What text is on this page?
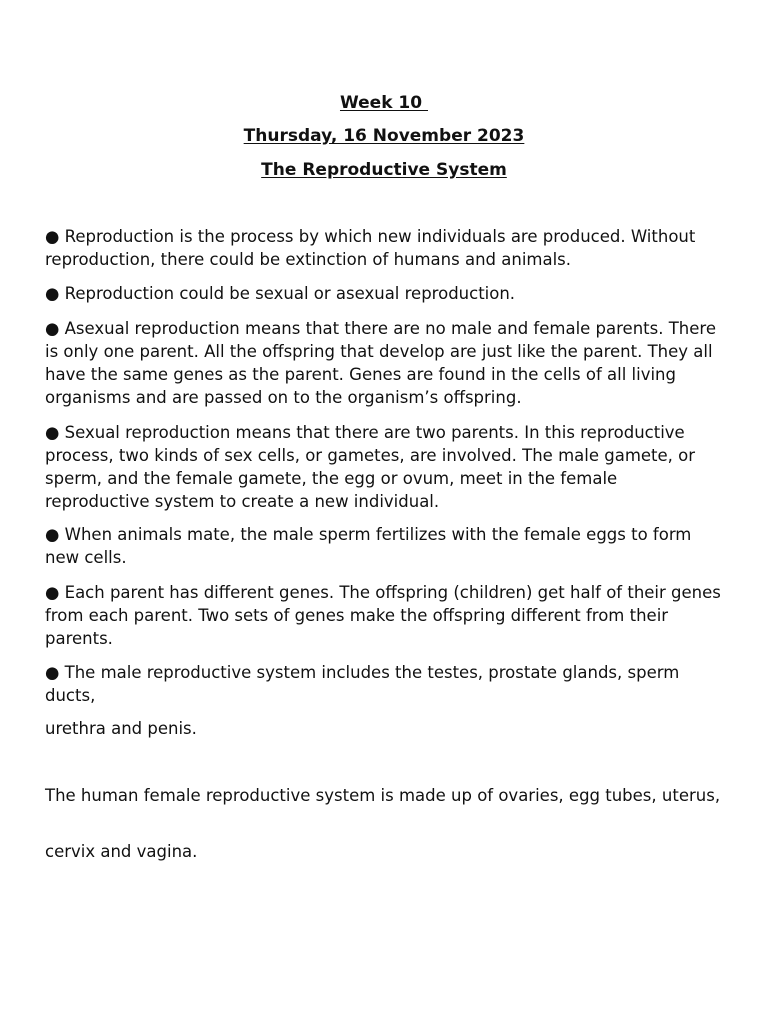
Week 10
Thursday, 16 November 2023
The Reproductive System

● Reproduction is the process by which new individuals are produced. Without reproduction, there could be extinction of humans and animals.

● Reproduction could be sexual or asexual reproduction.

● Asexual reproduction means that there are no male and female parents. There is only one parent. All the offspring that develop are just like the parent. They all have the same genes as the parent. Genes are found in the cells of all living organisms and are passed on to the organism’s offspring.

● Sexual reproduction means that there are two parents. In this reproductive process, two kinds of sex cells, or gametes, are involved. The male gamete, or sperm, and the female gamete, the egg or ovum, meet in the female reproductive system to create a new individual.

● When animals mate, the male sperm fertilizes with the female eggs to form new cells.

● Each parent has different genes. The offspring (children) get half of their genes from each parent. Two sets of genes make the offspring different from their parents.

● The male reproductive system includes the testes, prostate glands, sperm ducts,

urethra and penis.

The human female reproductive system is made up of ovaries, egg tubes, uterus,

cervix and vagina.
